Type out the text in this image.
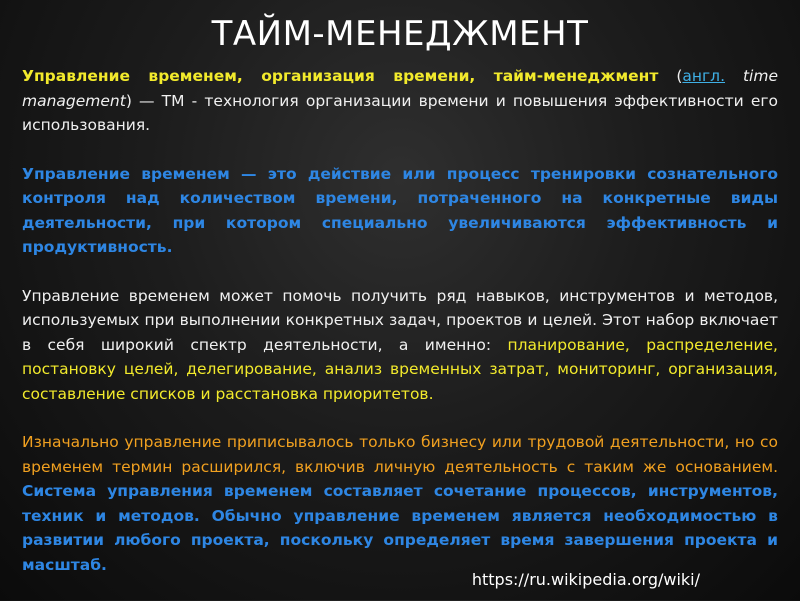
ТАЙМ-МЕНЕДЖМЕНТ

Управление временем, организация времени, тайм-менеджмент (англ. time management) — ТМ - технология организации времени и повышения эффективности его использования.

Управление временем — это действие или процесс тренировки сознательного контроля над количеством времени, потраченного на конкретные виды деятельности, при котором специально увеличиваются эффективность и продуктивность.

Управление временем может помочь получить ряд навыков, инструментов и методов, используемых при выполнении конкретных задач, проектов и целей. Этот набор включает в себя широкий спектр деятельности, а именно: планирование, распределение, постановку целей, делегирование, анализ временных затрат, мониторинг, организация, составление списков и расстановка приоритетов.

Изначально управление приписывалось только бизнесу или трудовой деятельности, но со временем термин расширился, включив личную деятельность с таким же основанием. Система управления временем составляет сочетание процессов, инструментов, техник и методов. Обычно управление временем является необходимостью в развитии любого проекта, поскольку определяет время завершения проекта и масштаб.

https://ru.wikipedia.org/wiki/
